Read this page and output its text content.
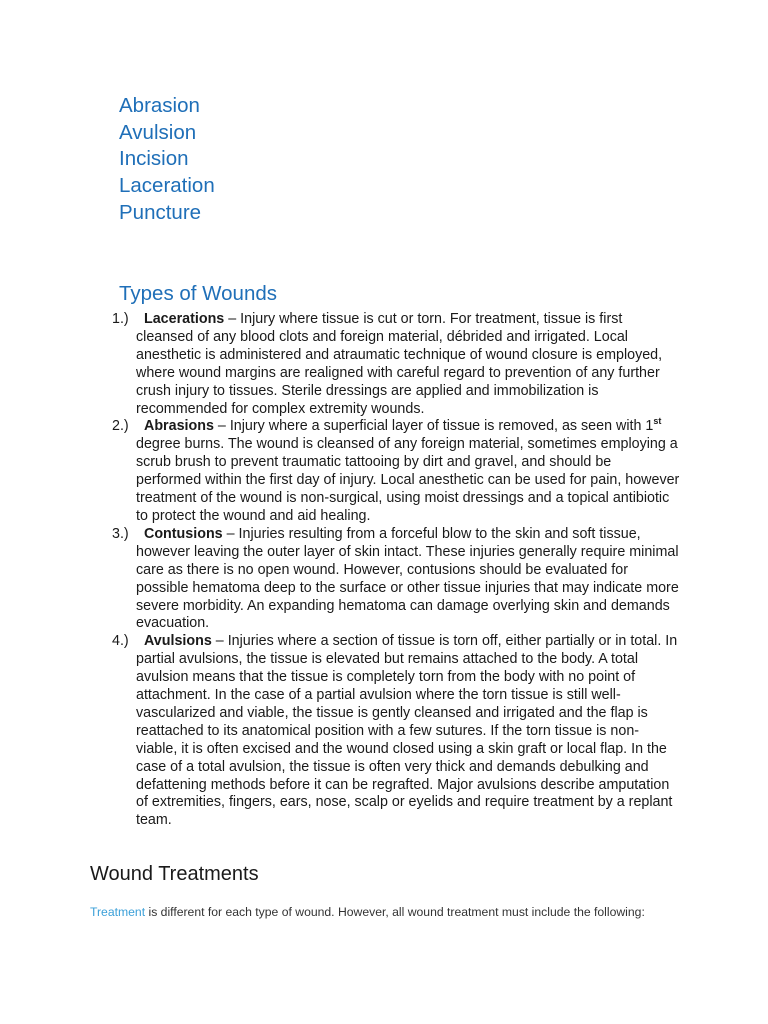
Abrasion
Avulsion
Incision
Laceration
Puncture
Types of Wounds
1.) Lacerations – Injury where tissue is cut or torn. For treatment, tissue is first cleansed of any blood clots and foreign material, débrided and irrigated. Local anesthetic is administered and atraumatic technique of wound closure is employed, where wound margins are realigned with careful regard to prevention of any further crush injury to tissues. Sterile dressings are applied and immobilization is recommended for complex extremity wounds.
2.) Abrasions – Injury where a superficial layer of tissue is removed, as seen with 1st degree burns. The wound is cleansed of any foreign material, sometimes employing a scrub brush to prevent traumatic tattooing by dirt and gravel, and should be performed within the first day of injury. Local anesthetic can be used for pain, however treatment of the wound is non-surgical, using moist dressings and a topical antibiotic to protect the wound and aid healing.
3.) Contusions – Injuries resulting from a forceful blow to the skin and soft tissue, however leaving the outer layer of skin intact. These injuries generally require minimal care as there is no open wound. However, contusions should be evaluated for possible hematoma deep to the surface or other tissue injuries that may indicate more severe morbidity. An expanding hematoma can damage overlying skin and demands evacuation.
4.) Avulsions – Injuries where a section of tissue is torn off, either partially or in total. In partial avulsions, the tissue is elevated but remains attached to the body. A total avulsion means that the tissue is completely torn from the body with no point of attachment. In the case of a partial avulsion where the torn tissue is still well-vascularized and viable, the tissue is gently cleansed and irrigated and the flap is reattached to its anatomical position with a few sutures. If the torn tissue is non-viable, it is often excised and the wound closed using a skin graft or local flap. In the case of a total avulsion, the tissue is often very thick and demands debulking and defattening methods before it can be regrafted. Major avulsions describe amputation of extremities, fingers, ears, nose, scalp or eyelids and require treatment by a replant team.
Wound Treatments

Treatment is different for each type of wound. However, all wound treatment must include the following:
